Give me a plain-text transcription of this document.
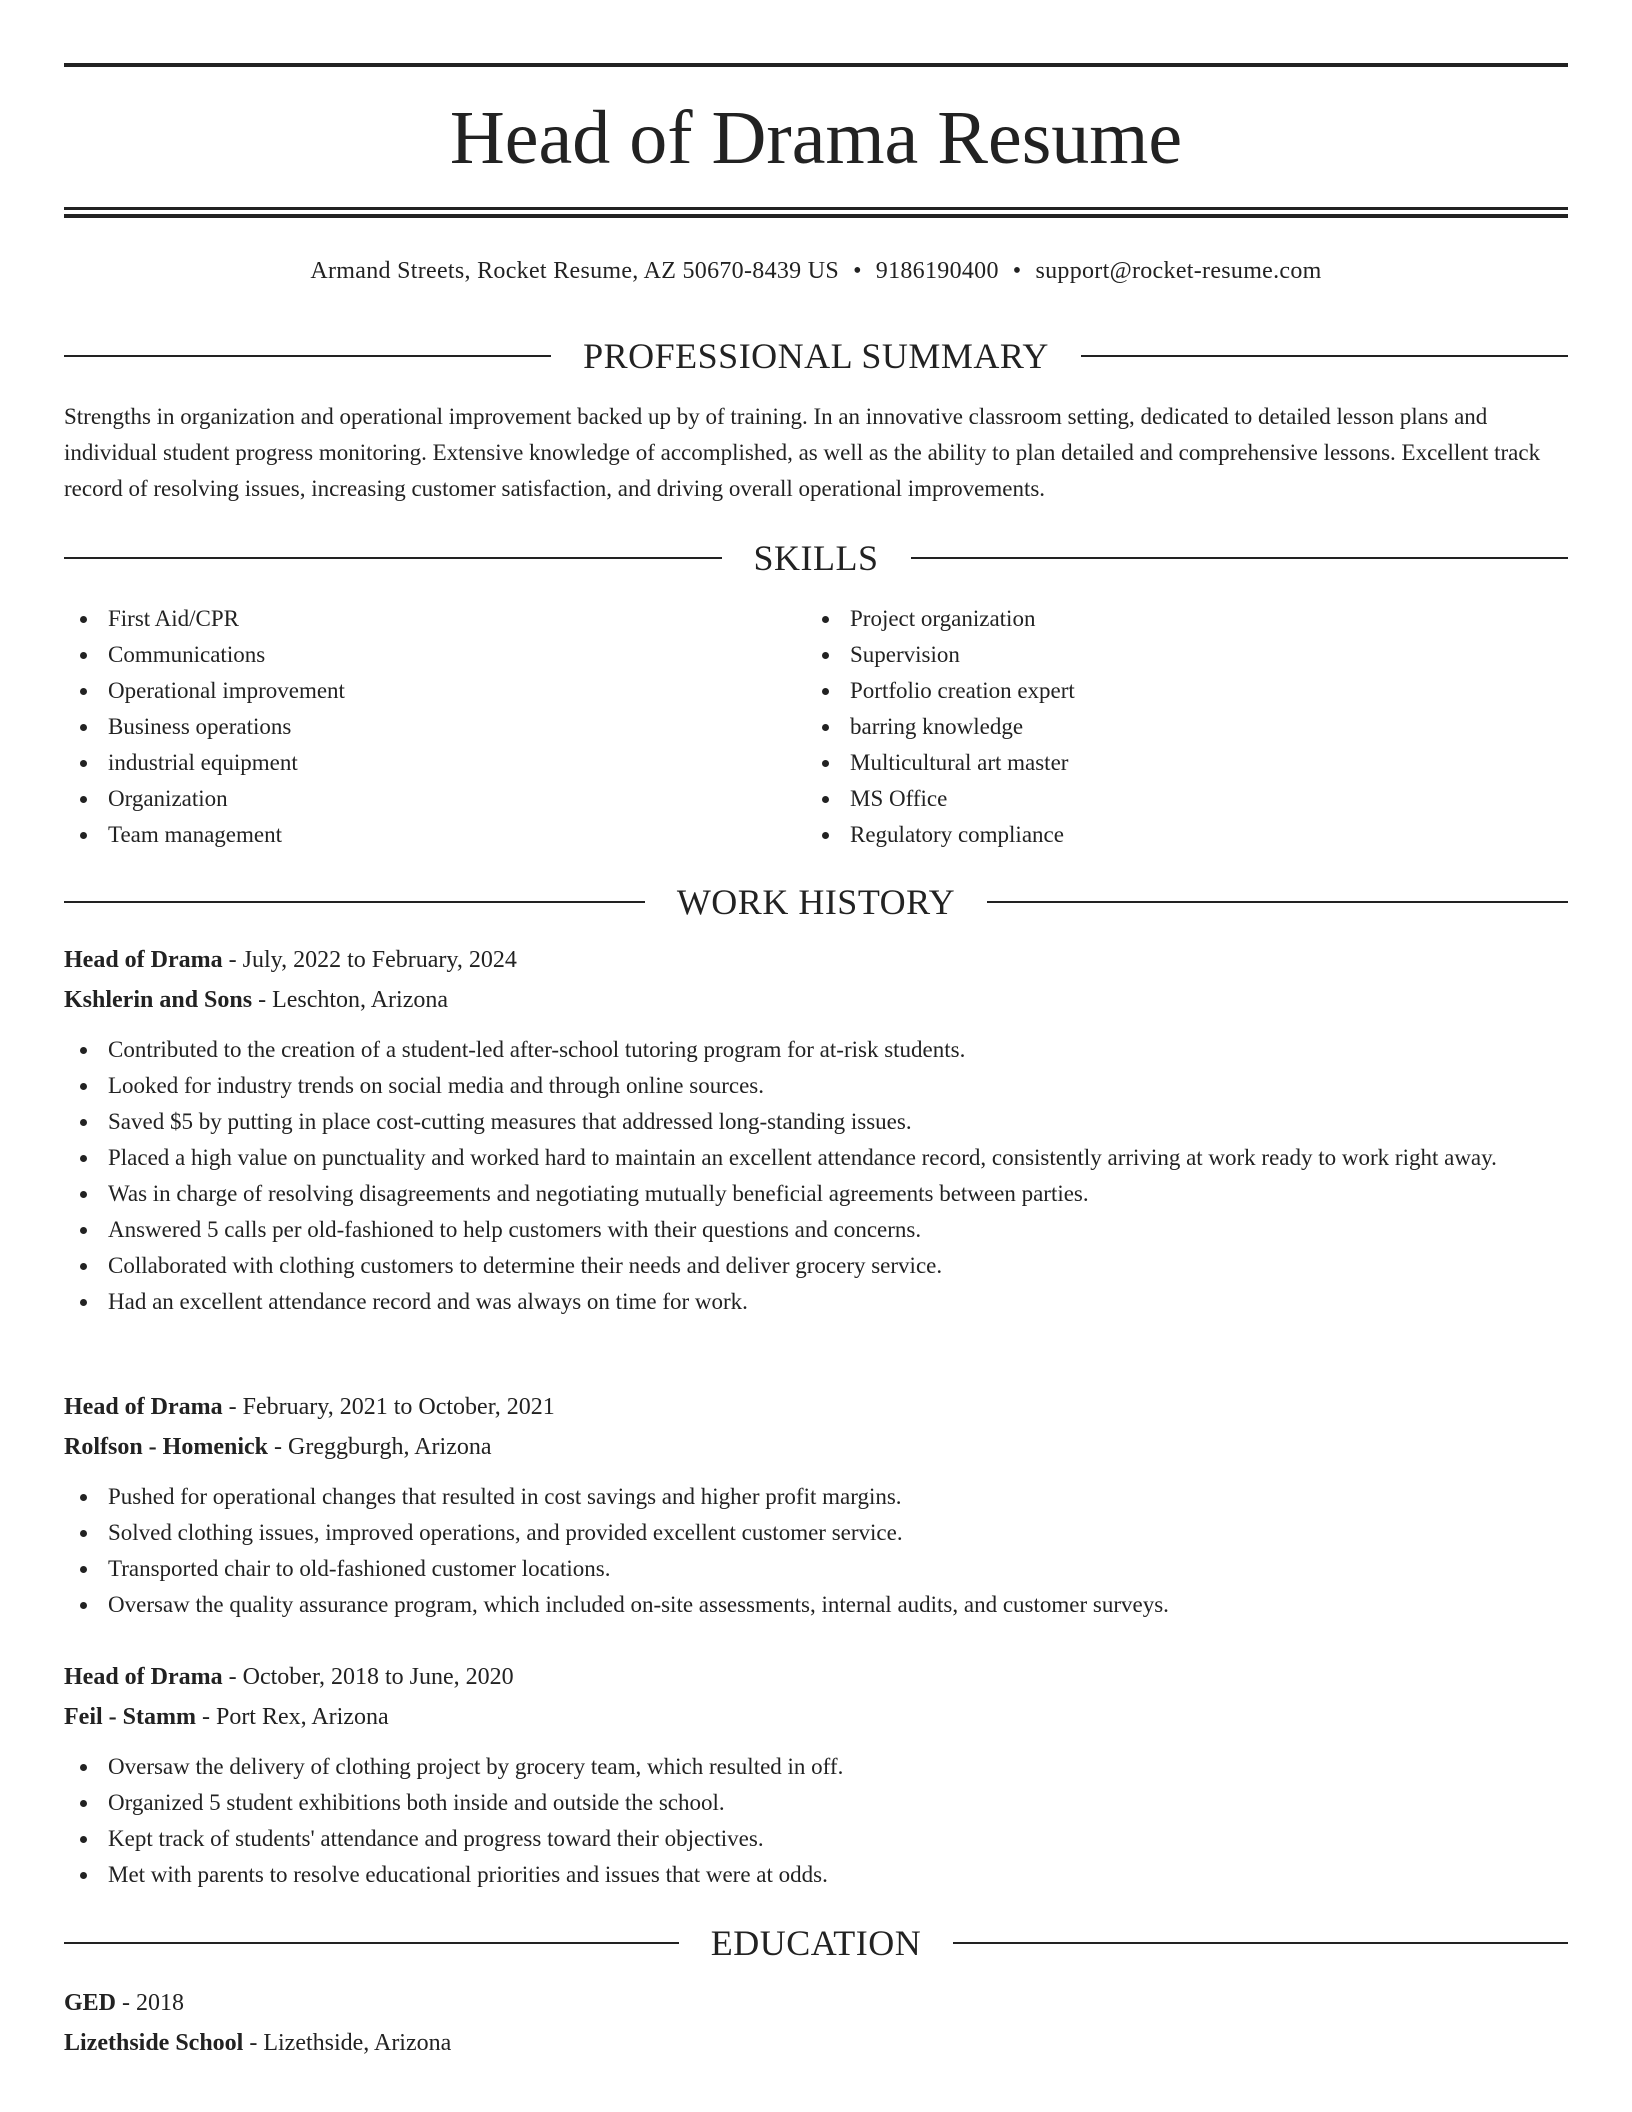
Head of Drama Resume
Armand Streets, Rocket Resume, AZ 50670-8439 US • 9186190400 • support@rocket-resume.com
PROFESSIONAL SUMMARY

Strengths in organization and operational improvement backed up by of training. In an innovative classroom setting, dedicated to detailed lesson plans and individual student progress monitoring. Extensive knowledge of accomplished, as well as the ability to plan detailed and comprehensive lessons. Excellent track record of resolving issues, increasing customer satisfaction, and driving overall operational improvements.

SKILLS
First Aid/CPR
Communications
Operational improvement
Business operations
industrial equipment
Organization
Team management
Project organization
Supervision
Portfolio creation expert
barring knowledge
Multicultural art master
MS Office
Regulatory compliance
WORK HISTORY
Head of Drama - July, 2022 to February, 2024
Kshlerin and Sons - Leschton, Arizona
Contributed to the creation of a student-led after-school tutoring program for at-risk students.
Looked for industry trends on social media and through online sources.
Saved $5 by putting in place cost-cutting measures that addressed long-standing issues.
Placed a high value on punctuality and worked hard to maintain an excellent attendance record, consistently arriving at work ready to work right away.
Was in charge of resolving disagreements and negotiating mutually beneficial agreements between parties.
Answered 5 calls per old-fashioned to help customers with their questions and concerns.
Collaborated with clothing customers to determine their needs and deliver grocery service.
Had an excellent attendance record and was always on time for work.
Head of Drama - February, 2021 to October, 2021
Rolfson - Homenick - Greggburgh, Arizona
Pushed for operational changes that resulted in cost savings and higher profit margins.
Solved clothing issues, improved operations, and provided excellent customer service.
Transported chair to old-fashioned customer locations.
Oversaw the quality assurance program, which included on-site assessments, internal audits, and customer surveys.
Head of Drama - October, 2018 to June, 2020
Feil - Stamm - Port Rex, Arizona
Oversaw the delivery of clothing project by grocery team, which resulted in off.
Organized 5 student exhibitions both inside and outside the school.
Kept track of students' attendance and progress toward their objectives.
Met with parents to resolve educational priorities and issues that were at odds.
EDUCATION
GED - 2018
Lizethside School - Lizethside, Arizona
